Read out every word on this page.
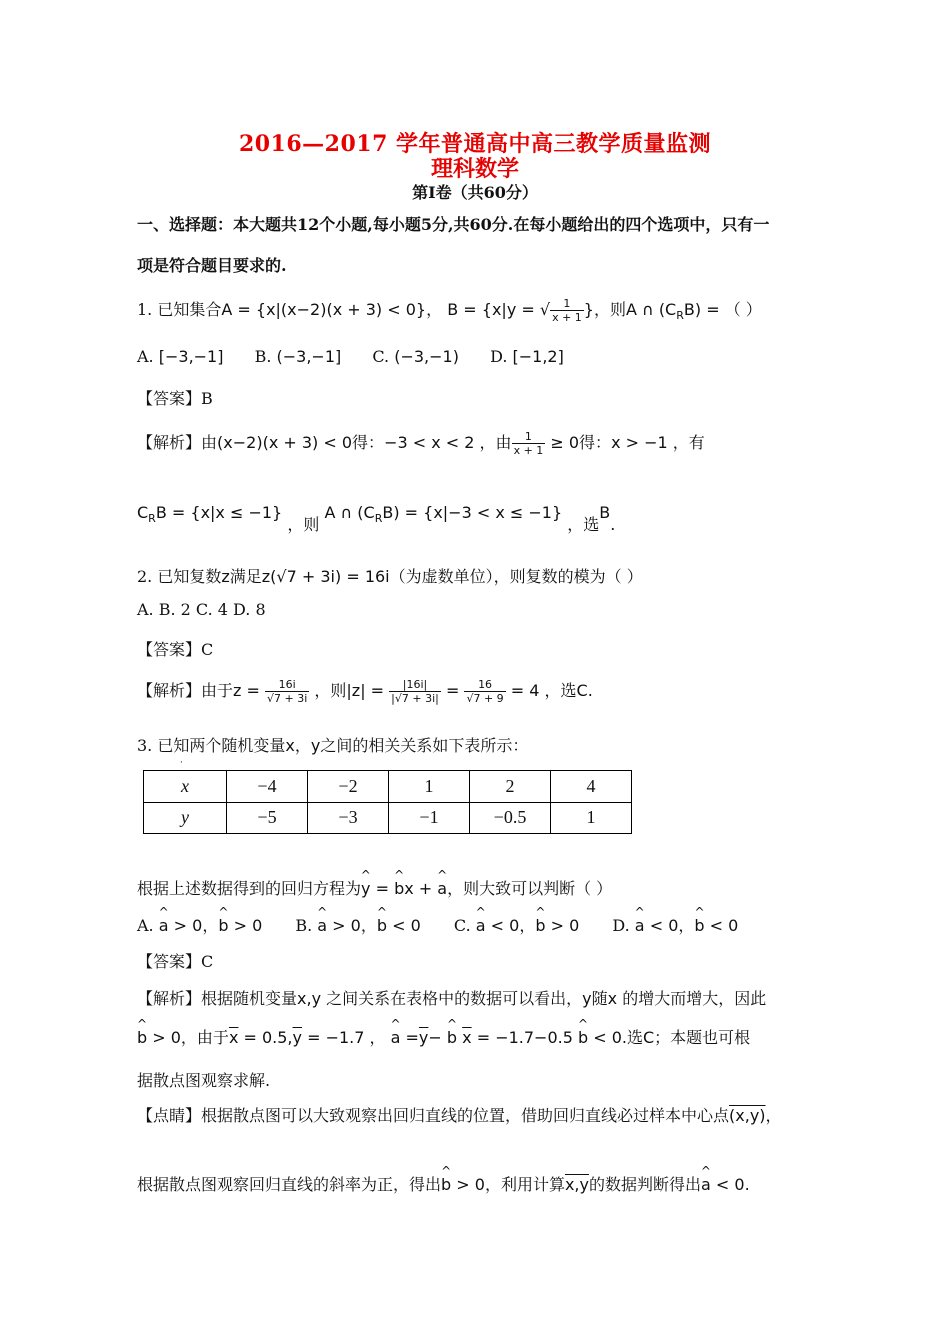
2016—2017 学年普通高中高三教学质量监测
理科数学
第Ⅰ卷（共60分）
一、选择题：本大题共12个小题,每小题5分,共60分.在每小题给出的四个选项中，只有一
项是符合题目要求的.
1. 已知集合A = {x|(x−2)(x + 3) < 0}， B = {x|y = √ $\frac{1}{x + 1}$ }，则A ∩ $(C_RB)$ = （ ）
A. [−3,−1] B. (−3,−1] C. (−3,−1) D. [−1,2]
【答案】B
【解析】由(x−2)(x + 3) < 0得：−3 < x < 2 ，由 $\frac{1}{x + 1} \ge 0$得：x > −1 ，有
$C_RB = \{x|x \le -1\}$ ，则 A ∩ $(C_RB) = \{x|-3 < x \le -1\}$ ，选B.
2. 已知复数z满足z(√7 + 3i) = 16i（为虚数单位），则复数的模为（ ）
A. B. 2 C. 4 D. 8
【答案】C
【解析】由于$z = \frac{16i}{√7 + 3i}$ ，则$|z| = \frac{|16i|}{|√7 + 3i|} = \frac{16}{√7 + 9} = 4$ ，选C.
3. 已知两个随机变量x，y之间的相关关系如下表所示：
·
x	−4	−2	1	2	4
y	−5	−3	−1	−0.5	1
根据上述数据得到的回归方程为^ y = ^ bx + ^ a，则大致可以判断（ ）
A. ^ a > 0，^ b > 0 B. ^ a > 0，^ b < 0 C. ^ a < 0，^ b > 0 D. ^ a < 0，^ b < 0
【答案】C
【解析】根据随机变量x,y 之间关系在表格中的数据可以看出，y随x 的增大而增大，因此
^ b > 0，由于$\overline{x} = 0.5,\overline{y} = -1.7$ ， ^ $a =\overline{y}-$ ^ b $\overline{x} = -1.7-0.5$ ^ b < 0.选C；本题也可根
据散点图观察求解.
【点睛】根据散点图可以大致观察出回归直线的位置，借助回归直线必过样本中心点(x,y)，
根据散点图观察回归直线的斜率为正，得出^ b > 0，利用计算x,y的数据判断得出^ a < 0.
